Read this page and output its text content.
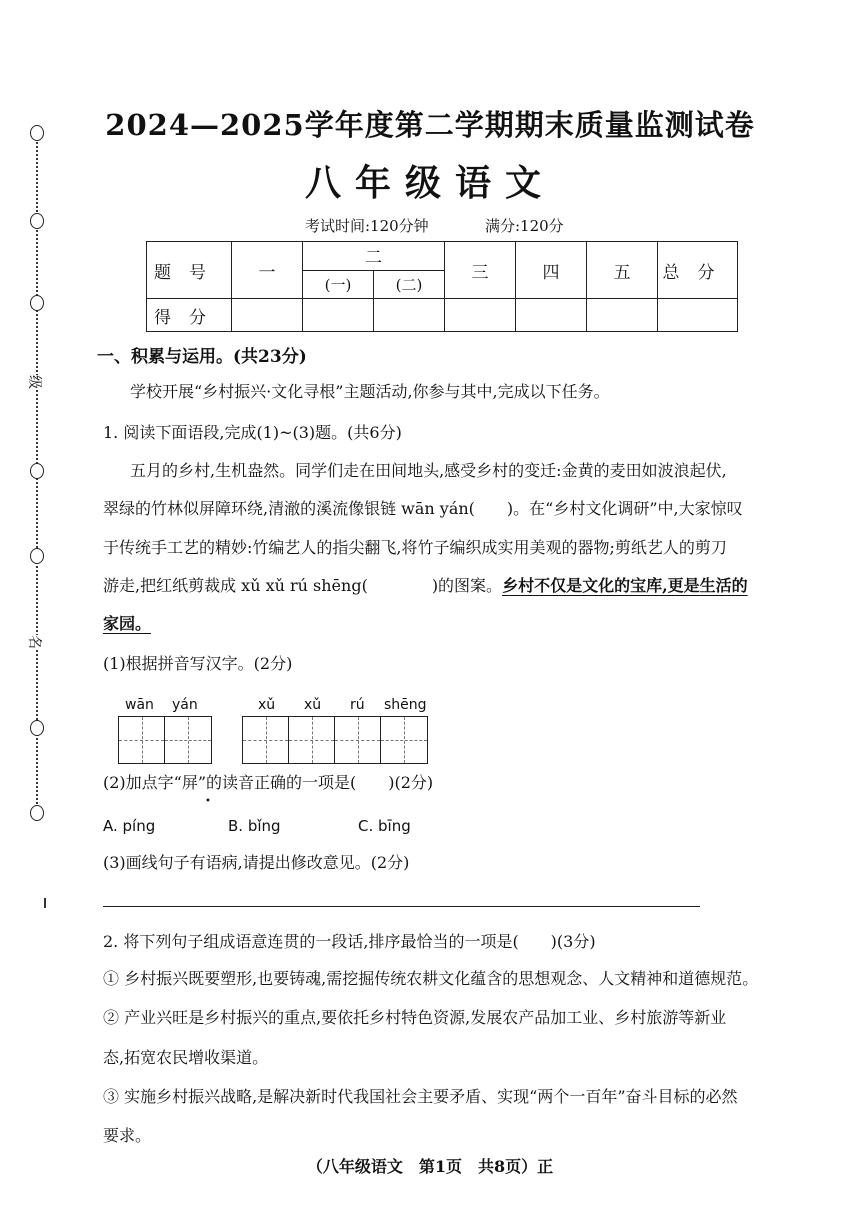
级
名
2024—2025学年度第二学期期末质量监测试卷
八年级语文
考试时间:120分钟	满分:120分
题号	一	二		三	四	五	总分
		(一)	(二)				
得分							
一、积累与运用。(共23分)
学校开展“乡村振兴·文化寻根”主题活动,你参与其中,完成以下任务。
1. 阅读下面语段,完成(1)~(3)题。(共6分)
五月的乡村,生机盎然。同学们走在田间地头,感受乡村的变迁:金黄的麦田如波浪起伏,
翠绿的竹林似屏障环绕,清澈的溪流像银链 wān yán(　　)。在“乡村文化调研”中,大家惊叹
于传统手工艺的精妙:竹编艺人的指尖翻飞,将竹子编织成实用美观的器物;剪纸艺人的剪刀
游走,把红纸剪裁成 xǔ xǔ rú shēng(　　　　)的图案。乡村不仅是文化的宝库,更是生活的
家园。
(1)根据拼音写汉字。(2分)
wān yán	xǔ xǔ rú shēng
(2)加点字“屏”的读音正确的一项是(　　)(2分)
•
A. píng	B. bǐng	C. bīng
(3)画线句子有语病,请提出修改意见。(2分)
2. 将下列句子组成语意连贯的一段话,排序最恰当的一项是(　　)(3分)
① 乡村振兴既要塑形,也要铸魂,需挖掘传统农耕文化蕴含的思想观念、人文精神和道德规范。
② 产业兴旺是乡村振兴的重点,要依托乡村特色资源,发展农产品加工业、乡村旅游等新业
态,拓宽农民增收渠道。
③ 实施乡村振兴战略,是解决新时代我国社会主要矛盾、实现“两个一百年”奋斗目标的必然
要求。
（八年级语文　第1页　共8页）正
